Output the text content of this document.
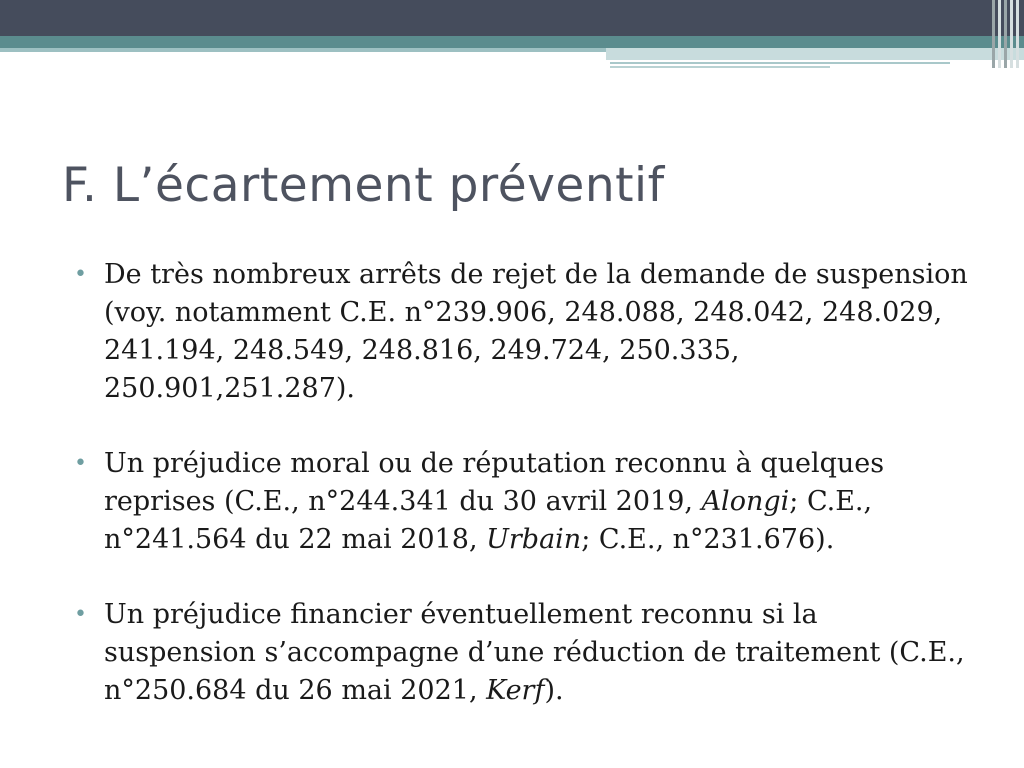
F. L’écartement préventif
• De très nombreux arrêts de rejet de la demande de suspension (voy. notamment C.E. n°239.906, 248.088, 248.042, 248.029, 241.194, 248.549, 248.816, 249.724, 250.335, 250.901,251.287).
• Un préjudice moral ou de réputation reconnu à quelques reprises (C.E., n°244.341 du 30 avril 2019, Alongi; C.E., n°241.564 du 22 mai 2018, Urbain; C.E., n°231.676).
• Un préjudice financier éventuellement reconnu si la suspension s’accompagne d’une réduction de traitement (C.E., n°250.684 du 26 mai 2021, Kerf).
